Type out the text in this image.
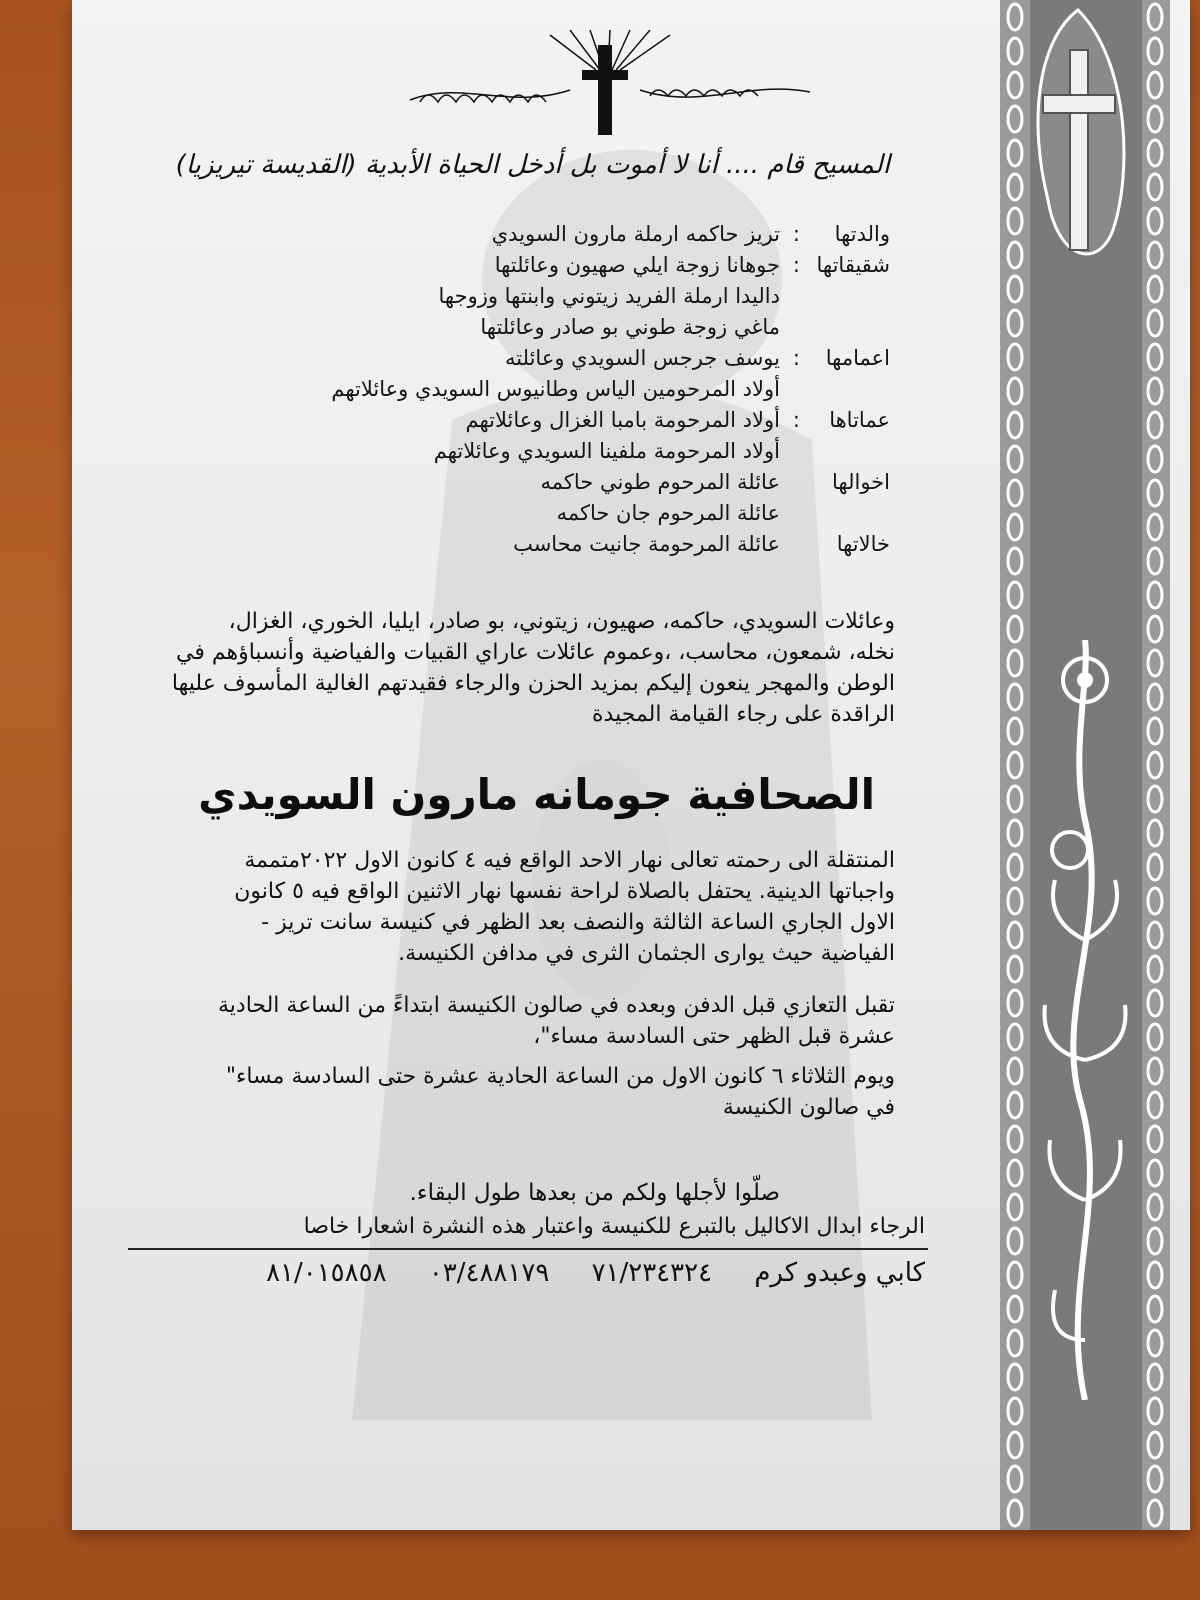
المسيح قام .... أنا لا أموت بل أدخل الحياة الأبدية (القديسة تيريزيا)
والدتها
:
تريز حاكمه ارملة مارون السويدي
شقيقاتها
:
جوهانا زوجة ايلي صهيون وعائلتها
داليدا ارملة الفريد زيتوني وابنتها وزوجها
ماغي زوجة طوني بو صادر وعائلتها
اعمامها
:
يوسف جرجس السويدي وعائلته
أولاد المرحومين الياس وطانيوس السويدي وعائلاتهم
عماتاها
:
أولاد المرحومة بامبا الغزال وعائلاتهم
أولاد المرحومة ملفينا السويدي وعائلاتهم
اخوالها
عائلة المرحوم طوني حاكمه
عائلة المرحوم جان حاكمه
خالاتها
عائلة المرحومة جانيت محاسب

وعائلات السويدي، حاكمه، صهيون، زيتوني، بو صادر، ايليا، الخوري، الغزال،

نخله، شمعون، محاسب، ،وعموم عائلات عاراي القبيات والفياضية وأنسباؤهم في

الوطن والمهجر ينعون إليكم بمزيد الحزن والرجاء فقيدتهم الغالية المأسوف عليها

الراقدة على رجاء القيامة المجيدة

الصحافية جومانه مارون السويدي

المنتقلة الى رحمته تعالى نهار الاحد الواقع فيه ٤ كانون الاول ٢٠٢٢متممة

واجباتها الدينية. يحتفل بالصلاة لراحة نفسها نهار الاثنين الواقع فيه ٥ كانون

الاول الجاري الساعة الثالثة والنصف بعد الظهر في كنيسة سانت تريز -

الفياضية حيث يوارى الجثمان الثرى في مدافن الكنيسة.

تقبل التعازي قبل الدفن وبعده في صالون الكنيسة ابتداءً من الساعة الحادية

عشرة قبل الظهر حتى السادسة مساء"،

ويوم الثلاثاء ٦ كانون الاول من الساعة الحادية عشرة حتى السادسة مساء"

في صالون الكنيسة

صلّوا لأجلها ولكم من بعدها طول البقاء.
الرجاء ابدال الاكاليل بالتبرع للكنيسة واعتبار هذه النشرة اشعارا خاصا
كابي وعبدو كرم ٧١/٢٣٤٣٢٤ ٠٣/٤٨٨١٧٩ ٨١/٠١٥٨٥٨
